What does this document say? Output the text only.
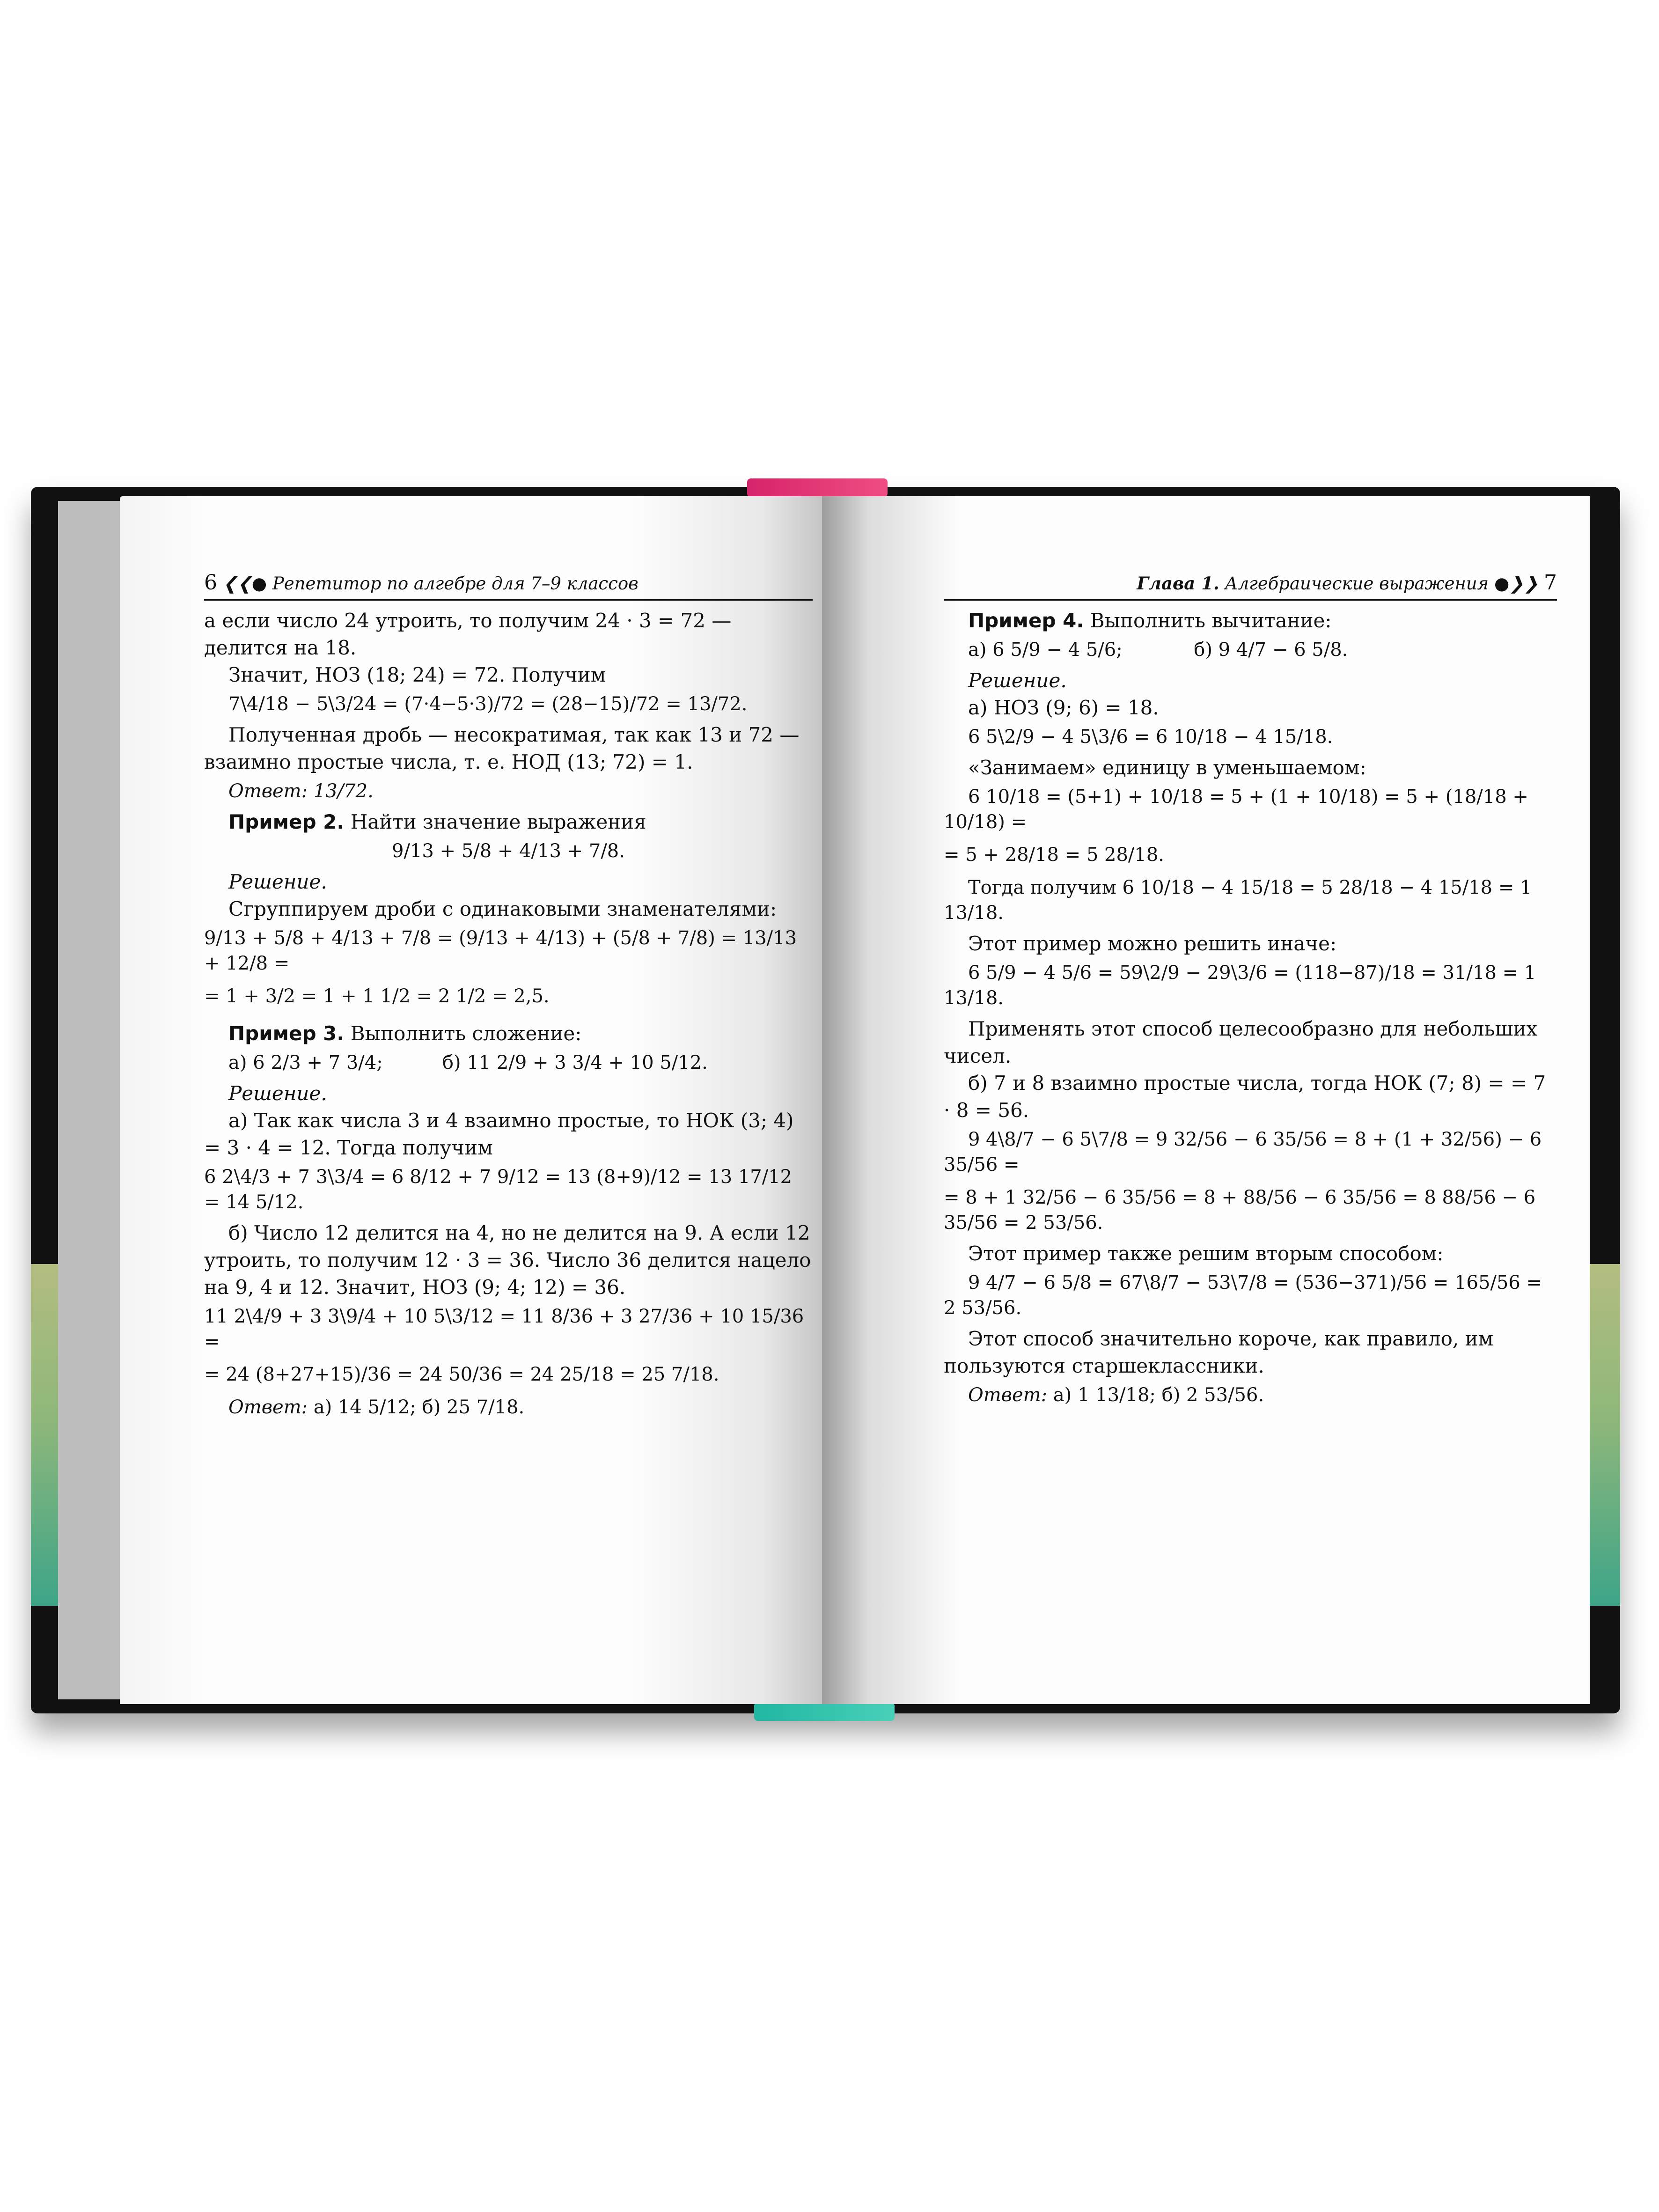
6 ❮❮● Репетитор по алгебре для 7–9 классов

а если число 24 утроить, то получим 24 · 3 = 72 — делится на 18.

Значит, НОЗ (18; 24) = 72. Получим

7\4/18 − 5\3/24 = (7·4−5·3)/72 = (28−15)/72 = 13/72.

Полученная дробь — несократимая, так как 13 и 72 — взаимно простые числа, т. е. НОД (13; 72) = 1.

Ответ: 13/72.

Пример 2. Найти значение выражения

9/13 + 5/8 + 4/13 + 7/8.

Решение.

Сгруппируем дроби с одинаковыми знаменателями:

9/13 + 5/8 + 4/13 + 7/8 = (9/13 + 4/13) + (5/8 + 7/8) = 13/13 + 12/8 =

= 1 + 3/2 = 1 + 1 1/2 = 2 1/2 = 2,5.

Пример 3. Выполнить сложение:

а) 6 2/3 + 7 3/4;	б) 11 2/9 + 3 3/4 + 10 5/12.

Решение.

а) Так как числа 3 и 4 взаимно простые, то НОК (3; 4) = 3 · 4 = 12. Тогда получим

6 2\4/3 + 7 3\3/4 = 6 8/12 + 7 9/12 = 13 (8+9)/12 = 13 17/12 = 14 5/12.

б) Число 12 делится на 4, но не делится на 9. А если 12 утроить, то получим 12 · 3 = 36. Число 36 делится нацело на 9, 4 и 12. Значит, НОЗ (9; 4; 12) = 36.

11 2\4/9 + 3 3\9/4 + 10 5\3/12 = 11 8/36 + 3 27/36 + 10 15/36 =

= 24 (8+27+15)/36 = 24 50/36 = 24 25/18 = 25 7/18.

Ответ: а) 14 5/12; б) 25 7/18.

Глава 1. Алгебраические выражения ●❯❯ 7

Пример 4. Выполнить вычитание:

а) 6 5/9 − 4 5/6;	б) 9 4/7 − 6 5/8.

Решение.

а) НОЗ (9; 6) = 18.

6 5\2/9 − 4 5\3/6 = 6 10/18 − 4 15/18.

«Занимаем» единицу в уменьшаемом:

6 10/18 = (5+1) + 10/18 = 5 + (1 + 10/18) = 5 + (18/18 + 10/18) =

= 5 + 28/18 = 5 28/18.

Тогда получим 6 10/18 − 4 15/18 = 5 28/18 − 4 15/18 = 1 13/18.

Этот пример можно решить иначе:

6 5/9 − 4 5/6 = 59\2/9 − 29\3/6 = (118−87)/18 = 31/18 = 1 13/18.

Применять этот способ целесообразно для небольших чисел.

б) 7 и 8 взаимно простые числа, тогда НОК (7; 8) = = 7 · 8 = 56.

9 4\8/7 − 6 5\7/8 = 9 32/56 − 6 35/56 = 8 + (1 + 32/56) − 6 35/56 =

= 8 + 1 32/56 − 6 35/56 = 8 + 88/56 − 6 35/56 = 8 88/56 − 6 35/56 = 2 53/56.

Этот пример также решим вторым способом:

9 4/7 − 6 5/8 = 67\8/7 − 53\7/8 = (536−371)/56 = 165/56 = 2 53/56.

Этот способ значительно короче, как правило, им пользуются старшеклассники.

Ответ: а) 1 13/18; б) 2 53/56.
